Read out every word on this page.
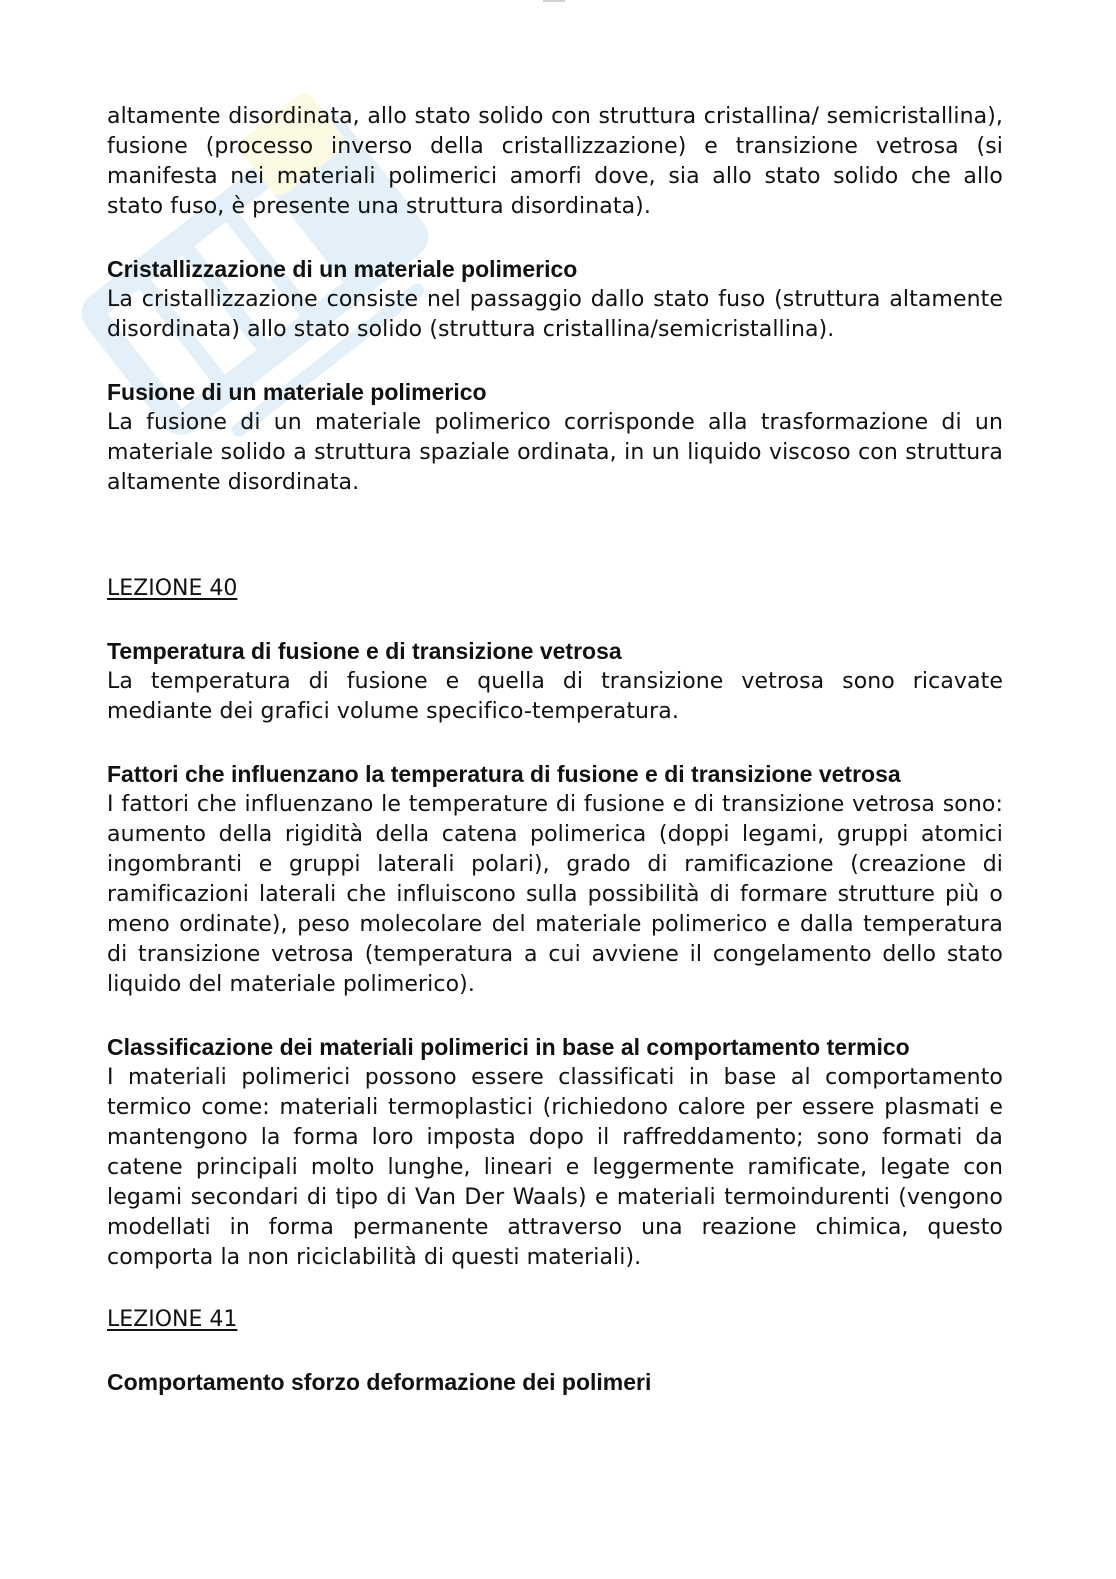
altamente disordinata, allo stato solido con struttura cristallina/ semicristallina), fusione (processo inverso della cristallizzazione) e transizione vetrosa (si manifesta nei materiali polimerici amorfi dove, sia allo stato solido che allo stato fuso, è presente una struttura disordinata).

Cristallizzazione di un materiale polimerico

La cristallizzazione consiste nel passaggio dallo stato fuso (struttura altamente disordinata) allo stato solido (struttura cristallina/semicristallina).

Fusione di un materiale polimerico

La fusione di un materiale polimerico corrisponde alla trasformazione di un materiale solido a struttura spaziale ordinata, in un liquido viscoso con struttura altamente disordinata.

LEZIONE 40

Temperatura di fusione e di transizione vetrosa

La temperatura di fusione e quella di transizione vetrosa sono ricavate mediante dei grafici volume specifico-temperatura.

Fattori che influenzano la temperatura di fusione e di transizione vetrosa

I fattori che influenzano le temperature di fusione e di transizione vetrosa sono: aumento della rigidità della catena polimerica (doppi legami, gruppi atomici ingombranti e gruppi laterali polari), grado di ramificazione (creazione di ramificazioni laterali che influiscono sulla possibilità di formare strutture più o meno ordinate), peso molecolare del materiale polimerico e dalla temperatura di transizione vetrosa (temperatura a cui avviene il congelamento dello stato liquido del materiale polimerico).

Classificazione dei materiali polimerici in base al comportamento termico

I materiali polimerici possono essere classificati in base al comportamento termico come: materiali termoplastici (richiedono calore per essere plasmati e mantengono la forma loro imposta dopo il raffreddamento; sono formati da catene principali molto lunghe, lineari e leggermente ramificate, legate con legami secondari di tipo di Van Der Waals) e materiali termoindurenti (vengono modellati in forma permanente attraverso una reazione chimica, questo comporta la non riciclabilità di questi materiali).

LEZIONE 41

Comportamento sforzo deformazione dei polimeri
